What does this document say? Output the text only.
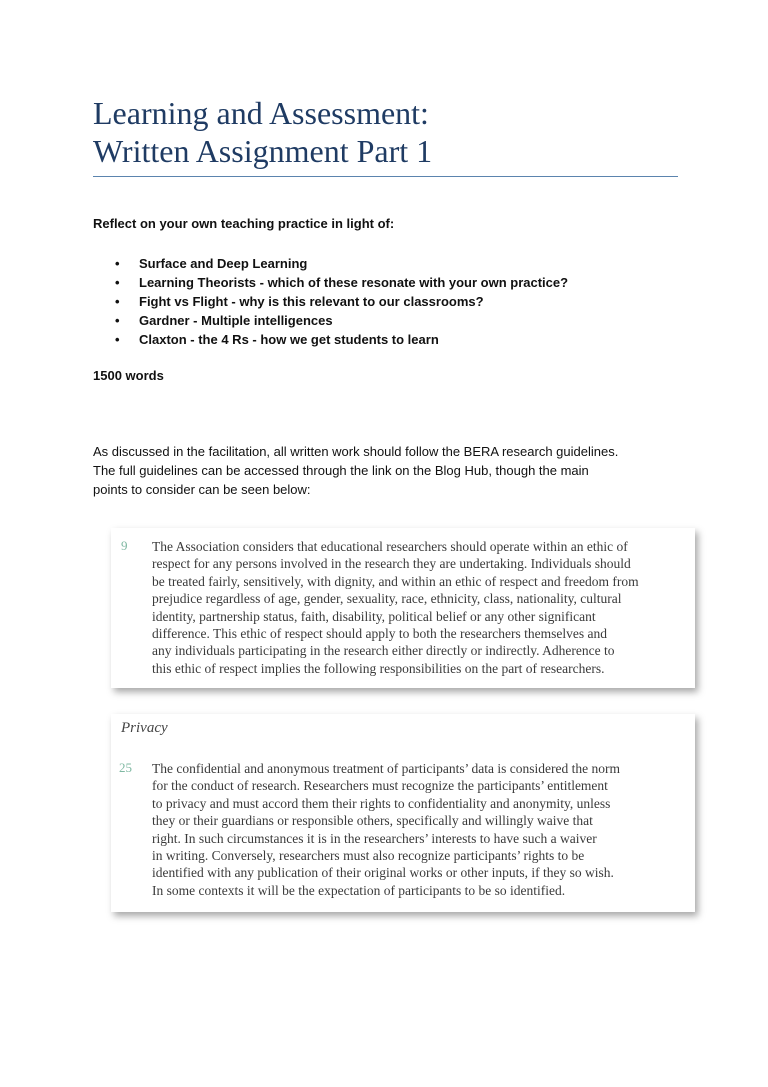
Learning and Assessment:
Written Assignment Part 1
Reflect on your own teaching practice in light of:
• Surface and Deep Learning
• Learning Theorists - which of these resonate with your own practice?
• Fight vs Flight - why is this relevant to our classrooms?
• Gardner - Multiple intelligences
• Claxton - the 4 Rs - how we get students to learn
1500 words
As discussed in the facilitation, all written work should follow the BERA research guidelines.
The full guidelines can be accessed through the link on the Blog Hub, though the main
points to consider can be seen below:
9 The Association considers that educational researchers should operate within an ethic of
respect for any persons involved in the research they are undertaking. Individuals should
be treated fairly, sensitively, with dignity, and within an ethic of respect and freedom from
prejudice regardless of age, gender, sexuality, race, ethnicity, class, nationality, cultural
identity, partnership status, faith, disability, political belief or any other significant
difference. This ethic of respect should apply to both the researchers themselves and
any individuals participating in the research either directly or indirectly. Adherence to
this ethic of respect implies the following responsibilities on the part of researchers.
Privacy
25 The confidential and anonymous treatment of participants’ data is considered the norm
for the conduct of research. Researchers must recognize the participants’ entitlement
to privacy and must accord them their rights to confidentiality and anonymity, unless
they or their guardians or responsible others, specifically and willingly waive that
right. In such circumstances it is in the researchers’ interests to have such a waiver
in writing. Conversely, researchers must also recognize participants’ rights to be
identified with any publication of their original works or other inputs, if they so wish.
In some contexts it will be the expectation of participants to be so identified.
